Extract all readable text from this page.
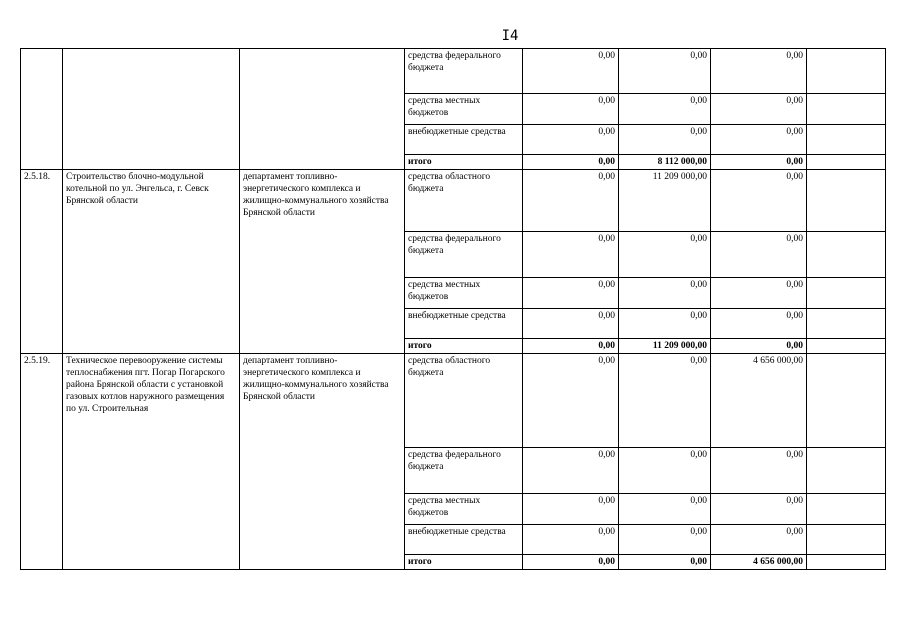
I4
			средства федерального бюджета	0,00	0,00	0,00	
			средства местных бюджетов	0,00	0,00	0,00	
			внебюджетные средства	0,00	0,00	0,00	
			итого	0,00	8 112 000,00	0,00	
2.5.18.	Строительство блочно-модульной котельной по ул. Энгельса, г. Севск Брянской области	департамент топливно-энергетического комплекса и жилищно-коммунального хозяйства Брянской области	средства областного бюджета	0,00	11 209 000,00	0,00	
			средства федерального бюджета	0,00	0,00	0,00	
			средства местных бюджетов	0,00	0,00	0,00	
			внебюджетные средства	0,00	0,00	0,00	
			итого	0,00	11 209 000,00	0,00	
2.5.19.	Техническое перевооружение системы теплоснабжения пгт. Погар Погарского района Брянской области с установкой газовых котлов наружного размещения по ул. Строительная	департамент топливно-энергетического комплекса и жилищно-коммунального хозяйства Брянской области	средства областного бюджета	0,00	0,00	4 656 000,00	
			средства федерального бюджета	0,00	0,00	0,00	
			средства местных бюджетов	0,00	0,00	0,00	
			внебюджетные средства	0,00	0,00	0,00	
			итого	0,00	0,00	4 656 000,00	
